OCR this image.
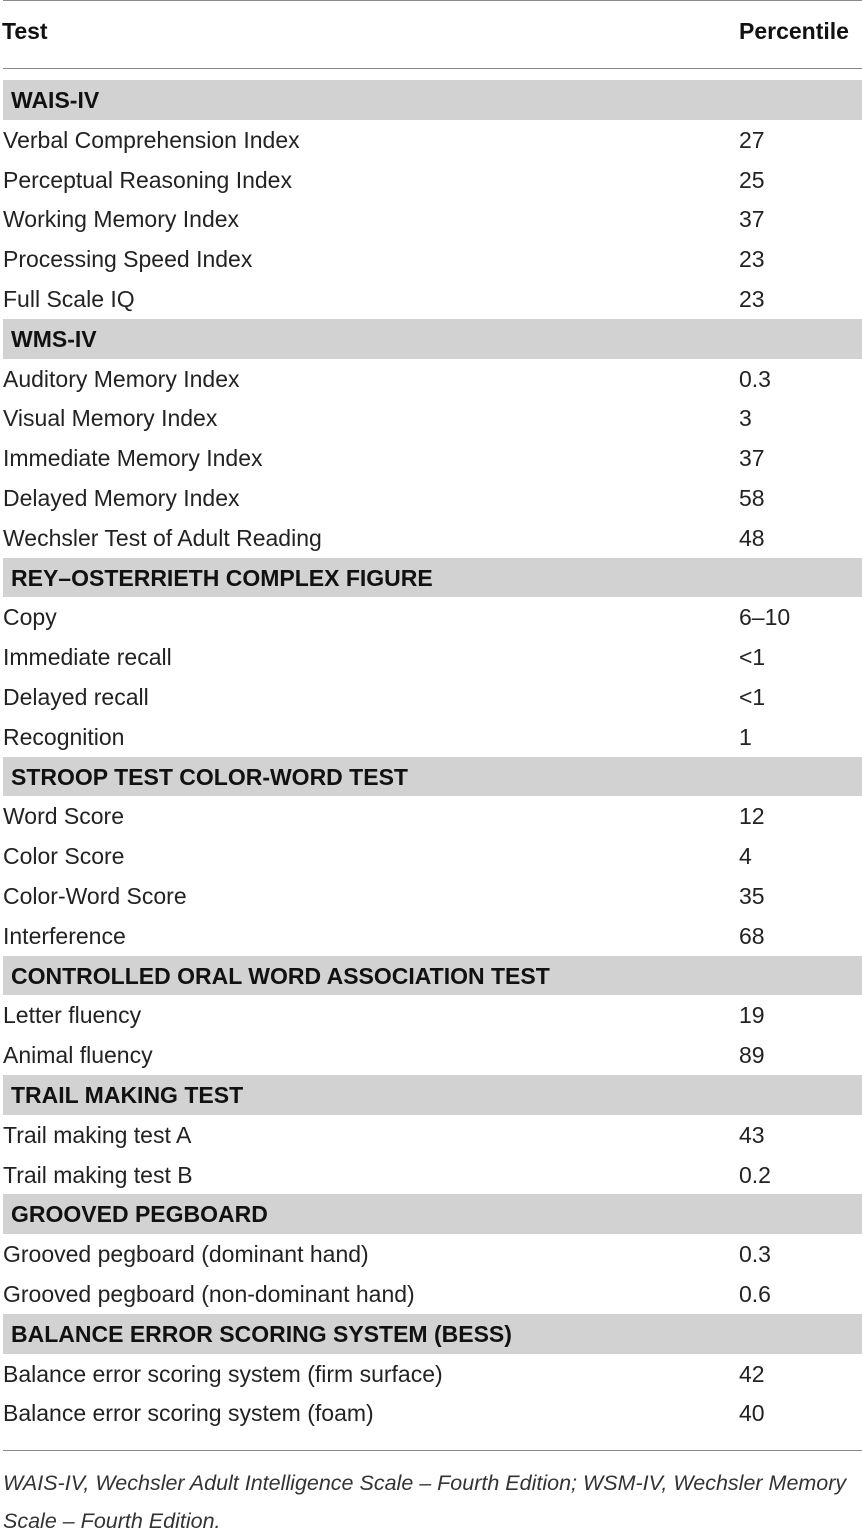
Test	Percentile
WAIS-IV
Verbal Comprehension Index	27
Perceptual Reasoning Index	25
Working Memory Index	37
Processing Speed Index	23
Full Scale IQ	23
WMS-IV
Auditory Memory Index	0.3
Visual Memory Index	3
Immediate Memory Index	37
Delayed Memory Index	58
Wechsler Test of Adult Reading	48
REY–OSTERRIETH COMPLEX FIGURE
Copy	6–10
Immediate recall	<1
Delayed recall	<1
Recognition	1
STROOP TEST COLOR-WORD TEST
Word Score	12
Color Score	4
Color-Word Score	35
Interference	68
CONTROLLED ORAL WORD ASSOCIATION TEST
Letter fluency	19
Animal fluency	89
TRAIL MAKING TEST
Trail making test A	43
Trail making test B	0.2
GROOVED PEGBOARD
Grooved pegboard (dominant hand)	0.3
Grooved pegboard (non-dominant hand)	0.6
BALANCE ERROR SCORING SYSTEM (BESS)
Balance error scoring system (firm surface)	42
Balance error scoring system (foam)	40
WAIS-IV, Wechsler Adult Intelligence Scale – Fourth Edition; WSM-IV, Wechsler Memory Scale – Fourth Edition.
